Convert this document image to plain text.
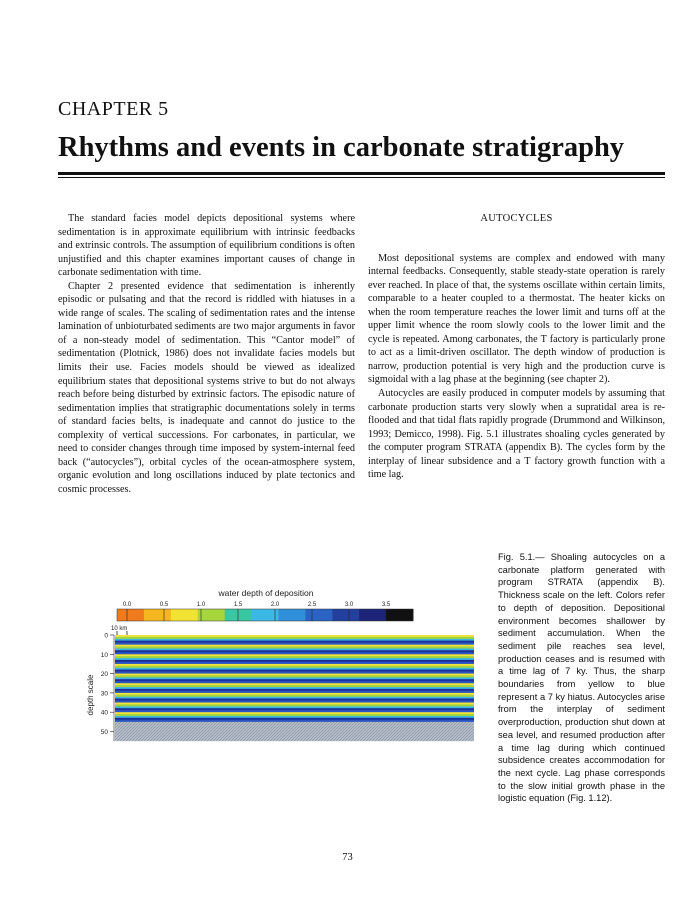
CHAPTER 5
Rhythms and events in carbonate stratigraphy

The standard facies model depicts depositional systems where sedimentation is in approximate equilibrium with intrinsic feedbacks and extrinsic controls. The assumption of equilibrium conditions is often unjustified and this chapter examines important causes of change in carbonate sedimentation with time.

Chapter 2 presented evidence that sedimentation is inherently episodic or pulsating and that the record is riddled with hiatuses in a wide range of scales. The scaling of sedimentation rates and the intense lamination of unbioturbated sediments are two major arguments in favor of a non-steady model of sedimentation. This “Cantor model” of sedimentation (Plotnick, 1986) does not invalidate facies models but limits their use. Facies models should be viewed as idealized equilibrium states that depositional systems strive to but do not always reach before being disturbed by extrinsic factors. The episodic nature of sedimentation implies that stratigraphic documentations solely in terms of standard facies belts, is inadequate and cannot do justice to the complexity of vertical successions. For carbonates, in particular, we need to consider changes through time imposed by system-internal feed back (“autocycles”), orbital cycles of the ocean-atmosphere system, organic evolution and long oscillations induced by plate tectonics and cosmic processes.

AUTOCYCLES

Most depositional systems are complex and endowed with many internal feedbacks. Consequently, stable steady-state operation is rarely ever reached. In place of that, the systems oscillate within certain limits, comparable to a heater coupled to a thermostat. The heater kicks on when the room temperature reaches the lower limit and turns off at the upper limit whence the room slowly cools to the lower limit and the cycle is repeated. Among carbonates, the T factory is particularly prone to act as a limit-driven oscillator. The depth window of production is narrow, production potential is very high and the production curve is sigmoidal with a lag phase at the beginning (see chapter 2).

Autocycles are easily produced in computer models by assuming that carbonate production starts very slowly when a supratidal area is re-flooded and that tidal flats rapidly prograde (Drummond and Wilkinson, 1993; Demicco, 1998). Fig. 5.1 illustrates shoaling cycles generated by the computer program STRATA (appendix B). The cycles form by the interplay of linear subsidence and a T factory growth function with a time lag.

water depth of deposition
0.0	0.5	1.0	1.5	2.0	2.5	3.0	3.5
10 km
depth scale
0
10
20
30
40
50
Fig. 5.1.— Shoaling autocycles on a carbonate platform generated with program STRATA (appendix B). Thickness scale on the left. Colors refer to depth of deposition. Depositional environment becomes shallower by sediment accumulation. When the sediment pile reaches sea level, production ceases and is resumed with a time lag of 7 ky. Thus, the sharp boundaries from yellow to blue represent a 7 ky hiatus. Autocycles arise from the interplay of sediment overproduction, production shut down at sea level, and resumed production after a time lag during which continued subsidence creates accommodation for the next cycle. Lag phase corresponds to the slow initial growth phase in the logistic equation (Fig. 1.12).
73
